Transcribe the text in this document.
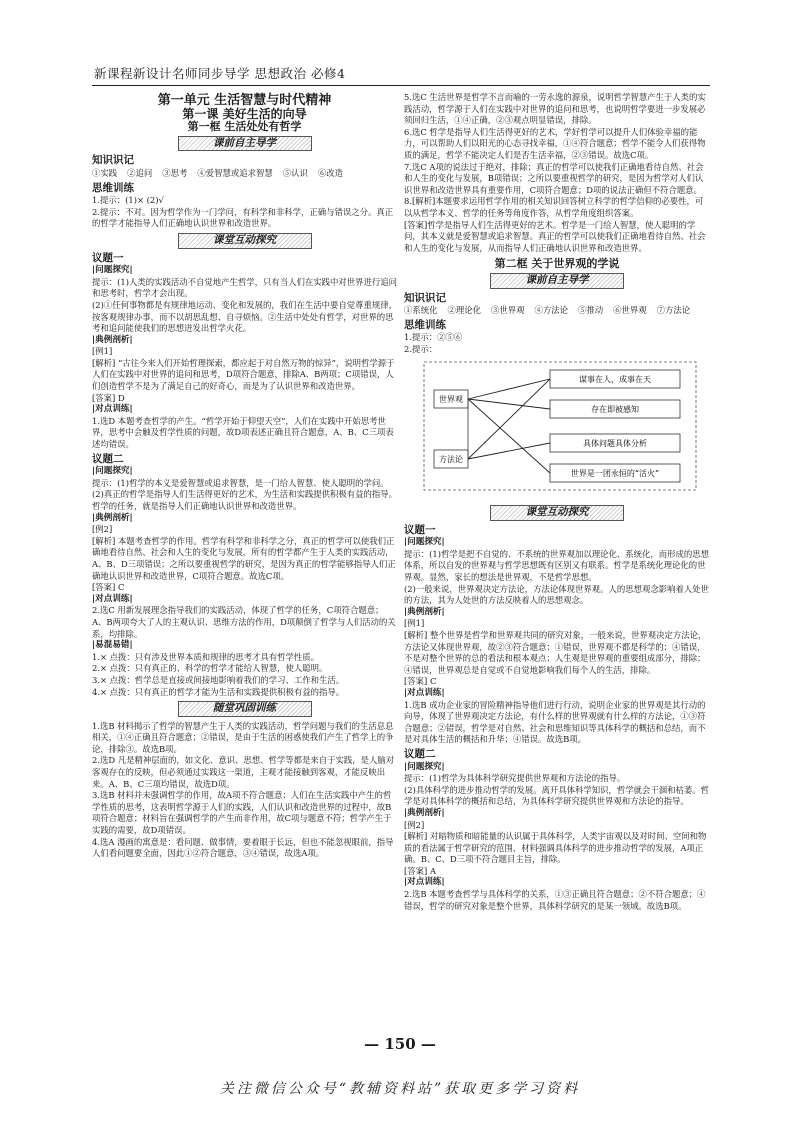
新课程新设计名师同步导学 思想政治 必修4
第一单元 生活智慧与时代精神
第一课 美好生活的向导
第一框 生活处处有哲学
课前自主导学
知识识记
①实践 ②追问 ③思考 ④爱智慧或追求智慧 ⑤认识 ⑥改造
思维训练

1.提示：(1)× (2)√
2.提示：不对。因为哲学作为一门学问，有科学和非科学，正确与错误之分。真正的哲学才能指导人们正确地认识世界和改造世界。

课堂互动探究
议题一
|问题探究|

提示：(1)人类的实践活动不自觉地产生哲学，只有当人们在实践中对世界进行追问和思考时，哲学才会出现。
(2)①任何事物都是有规律地运动、变化和发展的，我们在生活中要自觉尊重规律，按客观规律办事，而不以胡思乱想、自寻烦恼。②生活中处处有哲学，对世界的思考和追问能使我们的思想迸发出哲学火花。

|典例剖析|

[例1]

[解析] “古往今来人们开始哲理探索，都应起于对自然万物的惊异”，说明哲学源于人们在实践中对世界的追问和思考，D项符合题意，排除A、B两项；C项错误，人们创造哲学不是为了满足自己的好奇心，而是为了认识世界和改造世界。

[答案] D

|对点训练|

1.选D 本题考查哲学的产生。“哲学开始于仰望天空”，人们在实践中开始思考世界，思考中会触及哲学性质的问题，故D项表述正确且符合题意，A、B、C三项表述均错误。

议题二
|问题探究|

提示：(1)哲学的本义是爱智慧或追求智慧，是一门给人智慧、使人聪明的学问。
(2)真正的哲学是指导人们生活得更好的艺术，为生活和实践提供积极有益的指导。哲学的任务，就是指导人们正确地认识世界和改造世界。

|典例剖析|

[例2]

[解析] 本题考查哲学的作用。哲学有科学和非科学之分，真正的哲学可以使我们正确地看待自然、社会和人生的变化与发展，所有的哲学都产生于人类的实践活动，A、B、D三项错误；之所以要重视哲学的研究，是因为真正的哲学能够指导人们正确地认识世界和改造世界，C项符合题意。故选C项。

[答案] C

|对点训练|

2.选C 用新发展理念指导我们的实践活动，体现了哲学的任务，C项符合题意；A、B两项夸大了人的主观认识、思维方法的作用，D项颠倒了哲学与人们活动的关系，均排除。

|易混易错|

1.× 点拨：只有涉及世界本质和规律的思考才具有哲学性质。

2.× 点拨：只有真正的、科学的哲学才能给人智慧，使人聪明。

3.× 点拨：哲学总是直接或间接地影响着我们的学习、工作和生活。

4.× 点拨：只有真正的哲学才能为生活和实践提供积极有益的指导。

随堂巩固训练

1.选B 材料揭示了哲学的智慧产生于人类的实践活动，哲学问题与我们的生活息息相关，①④正确且符合题意；②错误，是由于生活的困惑使我们产生了哲学上的争论，排除③。故选B项。

2.选D 凡是精神层面的，如文化、意识、思想、哲学等都是来自于实践，是人脑对客观存在的反映，但必须通过实践这一渠道，主观才能接触到客观，才能反映出来。A、B、C三项均错误，故选D项。

3.选B 材料并未强调哲学的作用，故A项不符合题意；人们在生活实践中产生的哲学性质的思考，这表明哲学源于人们的实践，人们认识和改造世界的过程中，故B项符合题意；材料旨在强调哲学的产生而非作用，故C项与题意不符；哲学产生于实践的需要，故D项错误。

4.选A 漫画的寓意是：看问题、做事情，要着眼于长远，但也不能忽视眼前，指导人们看问题要全面，因此①②符合题意，③④错误，故选A项。

5.选C 生活世界是哲学不言而喻的一劳永逸的源泉，说明哲学智慧产生于人类的实践活动，哲学源于人们在实践中对世界的追问和思考，也说明哲学要进一步发展必须回归生活，①④正确，②③观点明显错误，排除。

6.选C 哲学是指导人们生活得更好的艺术，学好哲学可以提升人们体验幸福的能力，可以帮助人们以阳光的心态寻找幸福，①④符合题意；哲学不能令人们获得物质的满足，哲学不能决定人们是否生活幸福，②③错误。故选C项。

7.选C A项的说法过于绝对，排除；真正的哲学可以使我们正确地看待自然、社会和人生的变化与发展，B项错误；之所以要重视哲学的研究，是因为哲学对人们认识世界和改造世界具有重要作用，C项符合题意；D项的说法正确但不符合题意。

8.[解析]本题要求运用哲学作用的相关知识回答树立科学的哲学信仰的必要性，可以从哲学本义、哲学的任务等角度作答，从哲学角度组织答案。

[答案]哲学是指导人们生活得更好的艺术。哲学是一门给人智慧，使人聪明的学问，其本义就是爱智慧或追求智慧。真正的哲学可以使我们正确地看待自然、社会和人生的变化与发展，从而指导人们正确地认识世界和改造世界。

第二框 关于世界观的学说
课前自主导学
知识识记
①系统化 ②理论化 ③世界观 ④方法论 ⑤推动 ⑥世界观 ⑦方法论
思维训练

1.提示：②⑤⑥

2.提示：

世界观
方法论
谋事在人，成事在天
存在即被感知
具体问题具体分析
世界是一团永恒的“活火”
课堂互动探究
议题一
|问题探究|

提示：(1)哲学是把不自觉的、不系统的世界观加以理论化、系统化，而形成的思想体系，所以自发的世界观与哲学思想既有区别又有联系。哲学是系统化理论化的世界观。显然，家长的想法是世界观，不是哲学思想。
(2)一般来说，世界观决定方法论，方法论体现世界观。人的思想观念影响着人处世的方法，其为人处世的方法反映着人的思想观念。

|典例剖析|

[例1]

[解析] 整个世界是哲学和世界观共同的研究对象，一般来说，世界观决定方法论，方法论又体现世界观，故②③符合题意；①错误，世界观不都是科学的；④错误，不是对整个世界的总的看法和根本观点；人生观是世界观的重要组成部分，排除；④错误，世界观总是自觉或不自觉地影响我们每个人的生活，排除。

[答案] C

|对点训练|

1.选B 成功企业家的冒险精神指导他们进行行动，说明企业家的世界观是其行动的向导，体现了世界观决定方法论，有什么样的世界观就有什么样的方法论，①③符合题意；②错误，哲学是对自然、社会和思维知识等具体科学的概括和总结，而不是对具体生活的概括和升华；④错误。故选B项。

议题二
|问题探究|

提示：(1)哲学为具体科学研究提供世界观和方法论的指导。
(2)具体科学的进步推动哲学的发展。离开具体科学知识，哲学就会干涸和枯萎。哲学是对具体科学的概括和总结，为具体科学研究提供世界观和方法论的指导。

|典例剖析|

[例2]

[解析] 对暗物质和暗能量的认识属于具体科学，人类宇宙观以及对时间、空间和物质的看法属于哲学研究的范围，材料强调具体科学的进步推动哲学的发展，A项正确。B、C、D三项不符合题目主旨，排除。

[答案] A

|对点训练|

2.选B 本题考查哲学与具体科学的关系，①③正确且符合题意；②不符合题意；④错误，哲学的研究对象是整个世界，具体科学研究的是某一领域。故选B项。

— 150 —
关注微信公众号“教辅资料站”获取更多学习资料
